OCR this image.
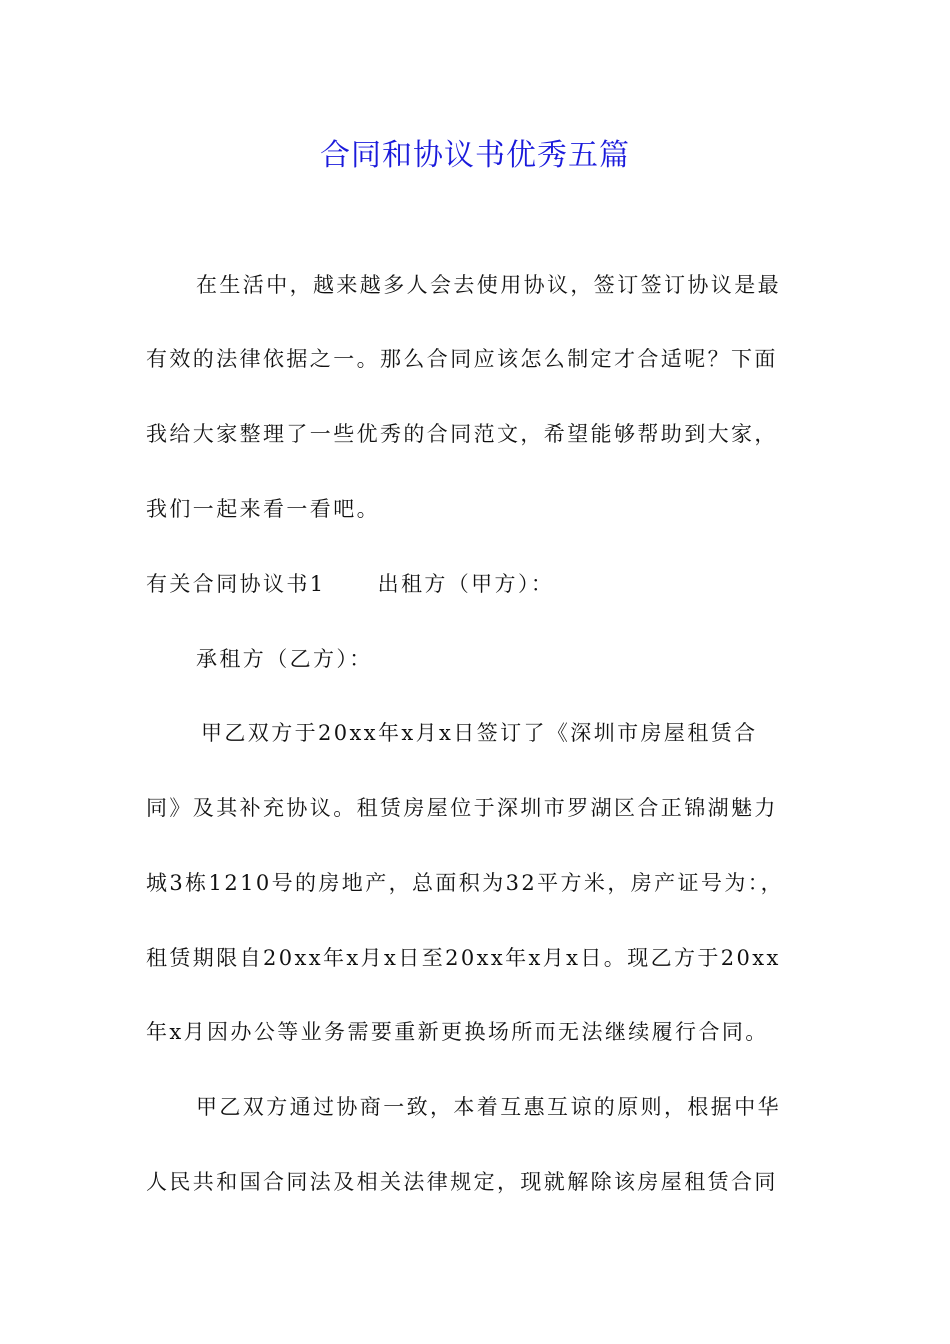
合同和协议书优秀五篇
在生活中，越来越多人会去使用协议，签订签订协议是最
有效的法律依据之一。那么合同应该怎么制定才合适呢？下面
我给大家整理了一些优秀的合同范文，希望能够帮助到大家，
我们一起来看一看吧。
有关合同协议书1 出租方（甲方）：
承租方（乙方）：
甲乙双方于20xx年x月x日签订了《深圳市房屋租赁合
同》及其补充协议。租赁房屋位于深圳市罗湖区合正锦湖魅力
城3栋1210号的房地产，总面积为32平方米，房产证号为：，
租赁期限自20xx年x月x日至20xx年x月x日。现乙方于20xx
年x月因办公等业务需要重新更换场所而无法继续履行合同。
甲乙双方通过协商一致，本着互惠互谅的原则，根据中华
人民共和国合同法及相关法律规定，现就解除该房屋租赁合同
